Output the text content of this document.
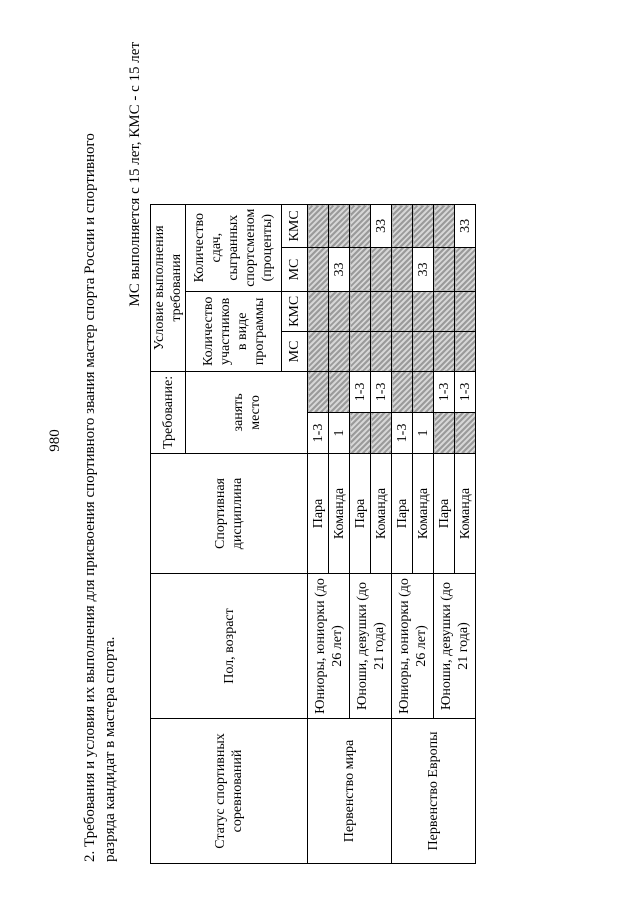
980 2. Требования и условия их выполнения для присвоения спортивного звания мастер спорта России и спортивного разряда кандидат в мастера спорта.
МС выполняется с 15 лет, КМС - с 15 лет
Статус спортивных соревнований	Пол, возраст	Спортивная дисциплина	Требование:		Условие выполнения требования			
			занять место		Количество участников в виде программы		Количество сдач, сыгранных спортсменом (проценты)	
					МС	КМС	МС	КМС
Первенство мира	Юниоры, юниорки (до 26 лет)	Пара	1-3					
		Команда	1				33	
	Юноши, девушки (до 21 года)	Пара		1-3				
		Команда		1-3				33
Первенство Европы	Юниоры, юниорки (до 26 лет)	Пара	1-3					
		Команда	1				33	
	Юноши, девушки (до 21 года)	Пара		1-3				
		Команда		1-3				33
